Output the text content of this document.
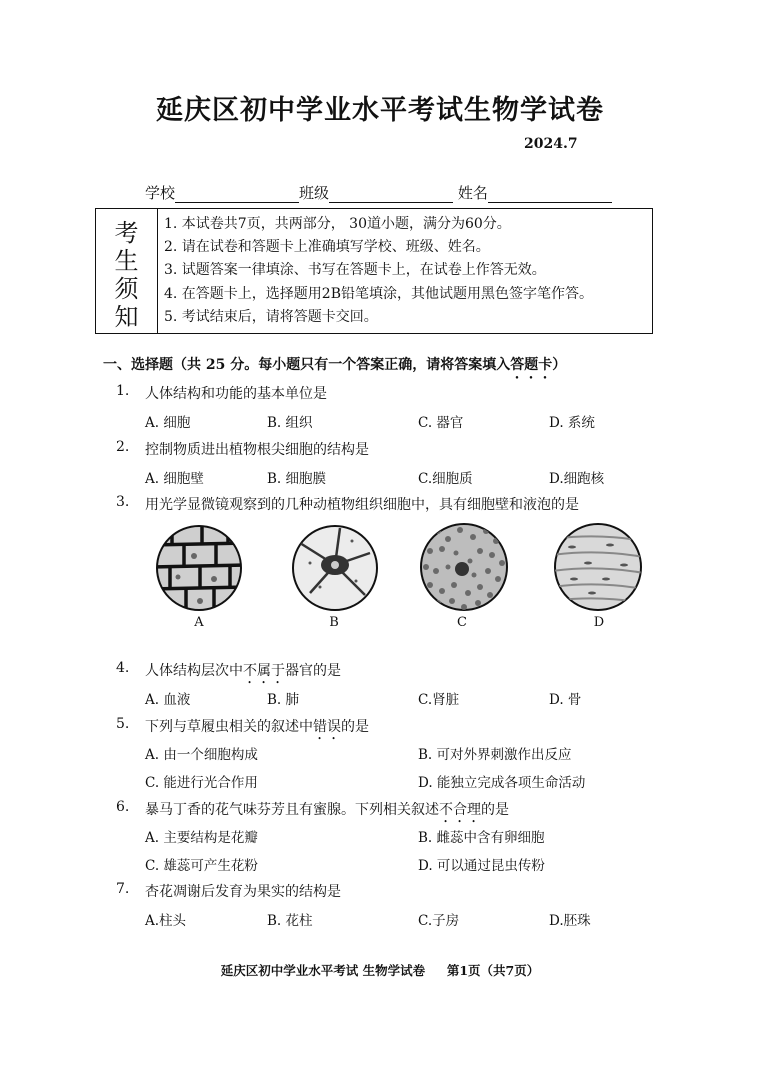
延庆区初中学业水平考试生物学试卷
2024.7
学校	班级	姓名
考
生
须
知
1. 本试卷共7页，共两部分， 30道小题，满分为60分。
2. 请在试卷和答题卡上准确填写学校、班级、姓名。
3. 试题答案一律填涂、书写在答题卡上，在试卷上作答无效。
4. 在答题卡上，选择题用2B铅笔填涂，其他试题用黑色签字笔作答。
5. 考试结束后，请将答题卡交回。
一、选择题（共 25 分。每小题只有一个答案正确，请将答案填入答题卡）
1. 人体结构和功能的基本单位是
A. 细胞	B. 组织	C. 器官	D. 系统
2. 控制物质进出植物根尖细胞的结构是
A. 细胞壁	B. 细胞膜	C.细胞质	D.细跑核
3. 用光学显微镜观察到的几种动植物组织细胞中，具有细胞壁和液泡的是
A	B	C	D
4. 人体结构层次中不属于器官的是
A. 血液	B. 肺	C.肾脏	D. 骨
5. 下列与草履虫相关的叙述中错误的是
A. 由一个细胞构成	B. 可对外界刺激作出反应
C. 能进行光合作用	D. 能独立完成各项生命活动
6. 暴马丁香的花气味芬芳且有蜜腺。下列相关叙述不合理的是
A. 主要结构是花瓣	B. 雌蕊中含有卵细胞
C. 雄蕊可产生花粉	D. 可以通过昆虫传粉
7. 杏花凋谢后发育为果实的结构是
A.柱头	B. 花柱	C.子房	D.胚珠
延庆区初中学业水平考试 生物学试卷     第1页（共7页）
